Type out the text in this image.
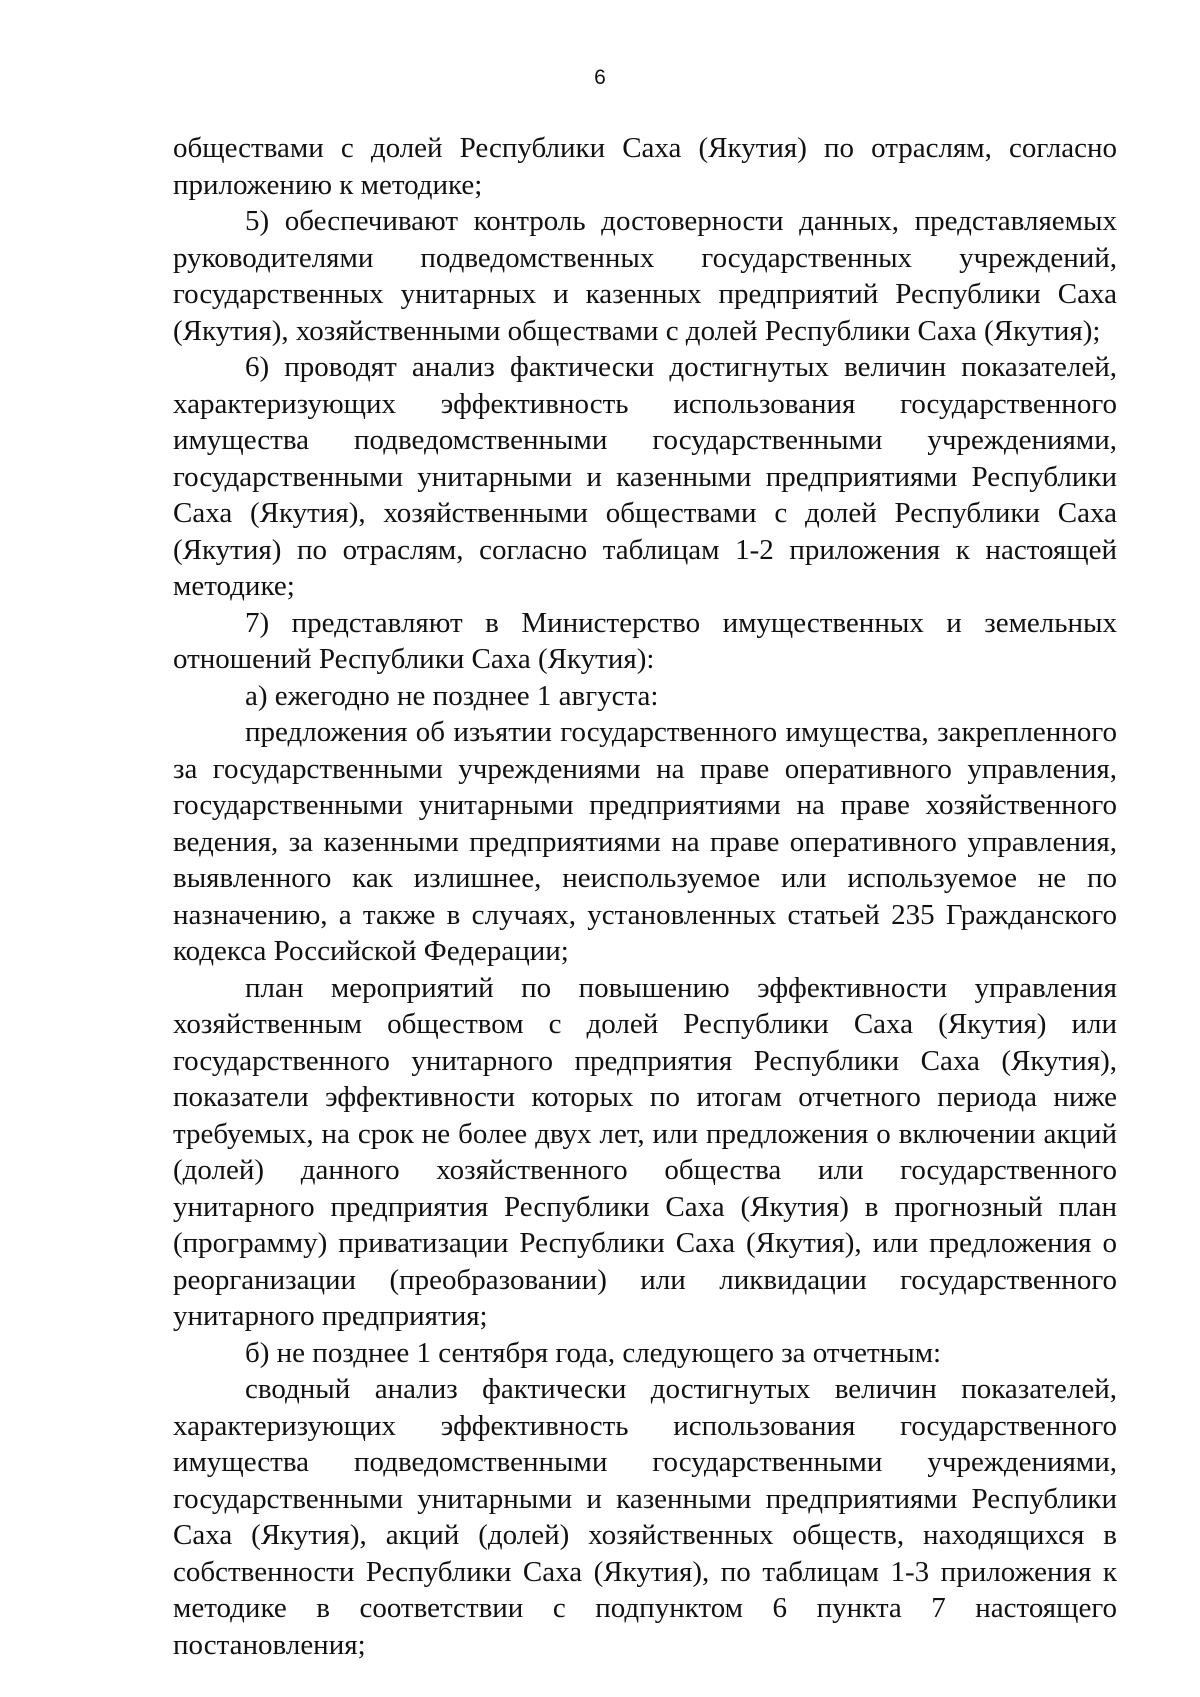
6

обществами с долей Республики Саха (Якутия) по отраслям, согласно приложению к методике;

5) обеспечивают контроль достоверности данных, представляемых руководителями подведомственных государственных учреждений, государственных унитарных и казенных предприятий Республики Саха (Якутия), хозяйственными обществами с долей Республики Саха (Якутия);

6) проводят анализ фактически достигнутых величин показателей, характеризующих эффективность использования государственного имущества подведомственными государственными учреждениями, государственными унитарными и казенными предприятиями Республики Саха (Якутия), хозяйственными обществами с долей Республики Саха (Якутия) по отраслям, согласно таблицам 1-2 приложения к настоящей методике;

7) представляют в Министерство имущественных и земельных отношений Республики Саха (Якутия):

а) ежегодно не позднее 1 августа:

предложения об изъятии государственного имущества, закрепленного за государственными учреждениями на праве оперативного управления, государственными унитарными предприятиями на праве хозяйственного ведения, за казенными предприятиями на праве оперативного управления, выявленного как излишнее, неиспользуемое или используемое не по назначению, а также в случаях, установленных статьей 235 Гражданского кодекса Российской Федерации;

план мероприятий по повышению эффективности управления хозяйственным обществом с долей Республики Саха (Якутия) или государственного унитарного предприятия Республики Саха (Якутия), показатели эффективности которых по итогам отчетного периода ниже требуемых, на срок не более двух лет, или предложения о включении акций (долей) данного хозяйственного общества или государственного унитарного предприятия Республики Саха (Якутия) в прогнозный план (программу) приватизации Республики Саха (Якутия), или предложения о реорганизации (преобразовании) или ликвидации государственного унитарного предприятия;

б) не позднее 1 сентября года, следующего за отчетным:

сводный анализ фактически достигнутых величин показателей, характеризующих эффективность использования государственного имущества подведомственными государственными учреждениями, государственными унитарными и казенными предприятиями Республики Саха (Якутия), акций (долей) хозяйственных обществ, находящихся в собственности Республики Саха (Якутия), по таблицам 1-3 приложения к методике в соответствии с подпунктом 6 пункта 7 настоящего постановления;
